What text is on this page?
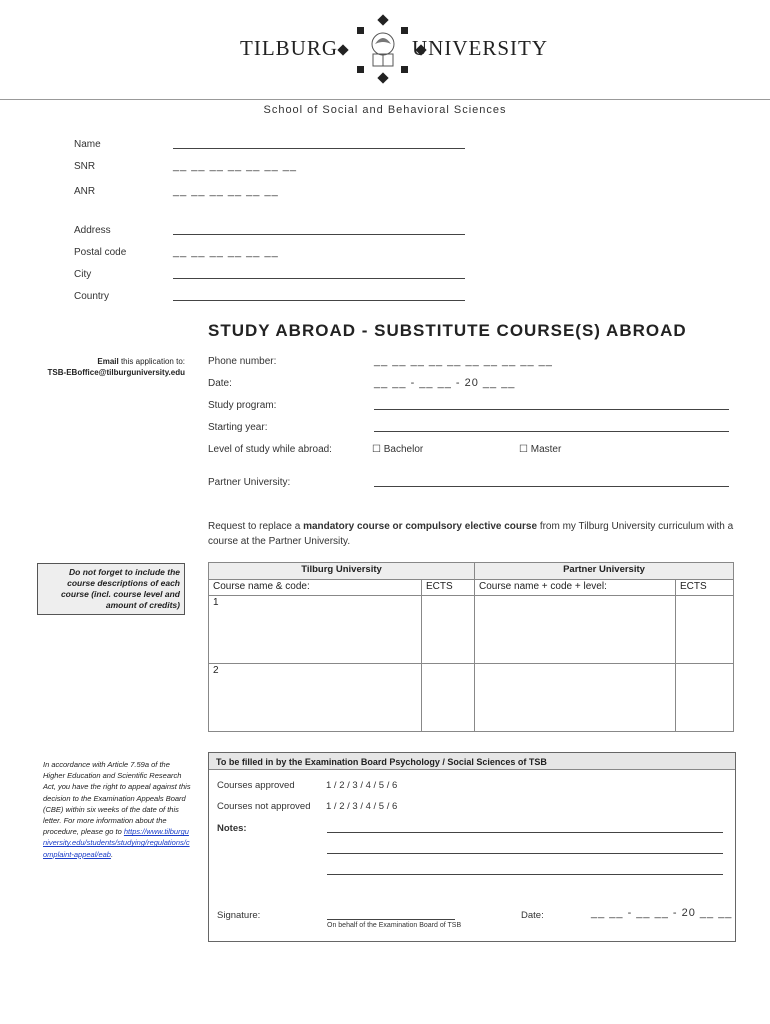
TILBURG	UNIVERSITY
School of Social and Behavioral Sciences
Name
SNR	__ __ __ __ __ __ __
ANR	__ __ __ __ __ __
Address
Postal code	__ __ __ __ __ __
City
Country
STUDY ABROAD - SUBSTITUTE COURSE(S) ABROAD
Email this application to:
TSB-EBoffice@tilburguniversity.edu
Phone number:	__ __ __ __ __ __ __ __ __ __
Date:	__ __ - __ __ - 20 __ __
Study program:
Starting year:
Level of study while abroad:	☐ Bachelor	☐ Master
Partner University:
Request to replace a mandatory course or compulsory elective course from my Tilburg University curriculum with a course at the Partner University.
Do not forget to include the course descriptions of each course (incl. course level and amount of credits)
Tilburg University		Partner University	
Course name & code:	ECTS	Course name + code + level:	ECTS
1			
2			
In accordance with Article 7.59a of the Higher Education and Scientific Research Act, you have the right to appeal against this decision to the Examination Appeals Board (CBE) within six weeks of the date of this letter. For more information about the procedure, please go to https://www.tilburguniversity.edu/students/studying/regulations/complaint-appeal/eab.
To be filled in by the Examination Board Psychology / Social Sciences of TSB
Courses approved	1 / 2 / 3 / 4 / 5 / 6
Courses not approved 1 / 2 / 3 / 4 / 5 / 6
Notes:
Signature:
On behalf of the Examination Board of TSB
Date:	__ __ - __ __ - 20 __ __
